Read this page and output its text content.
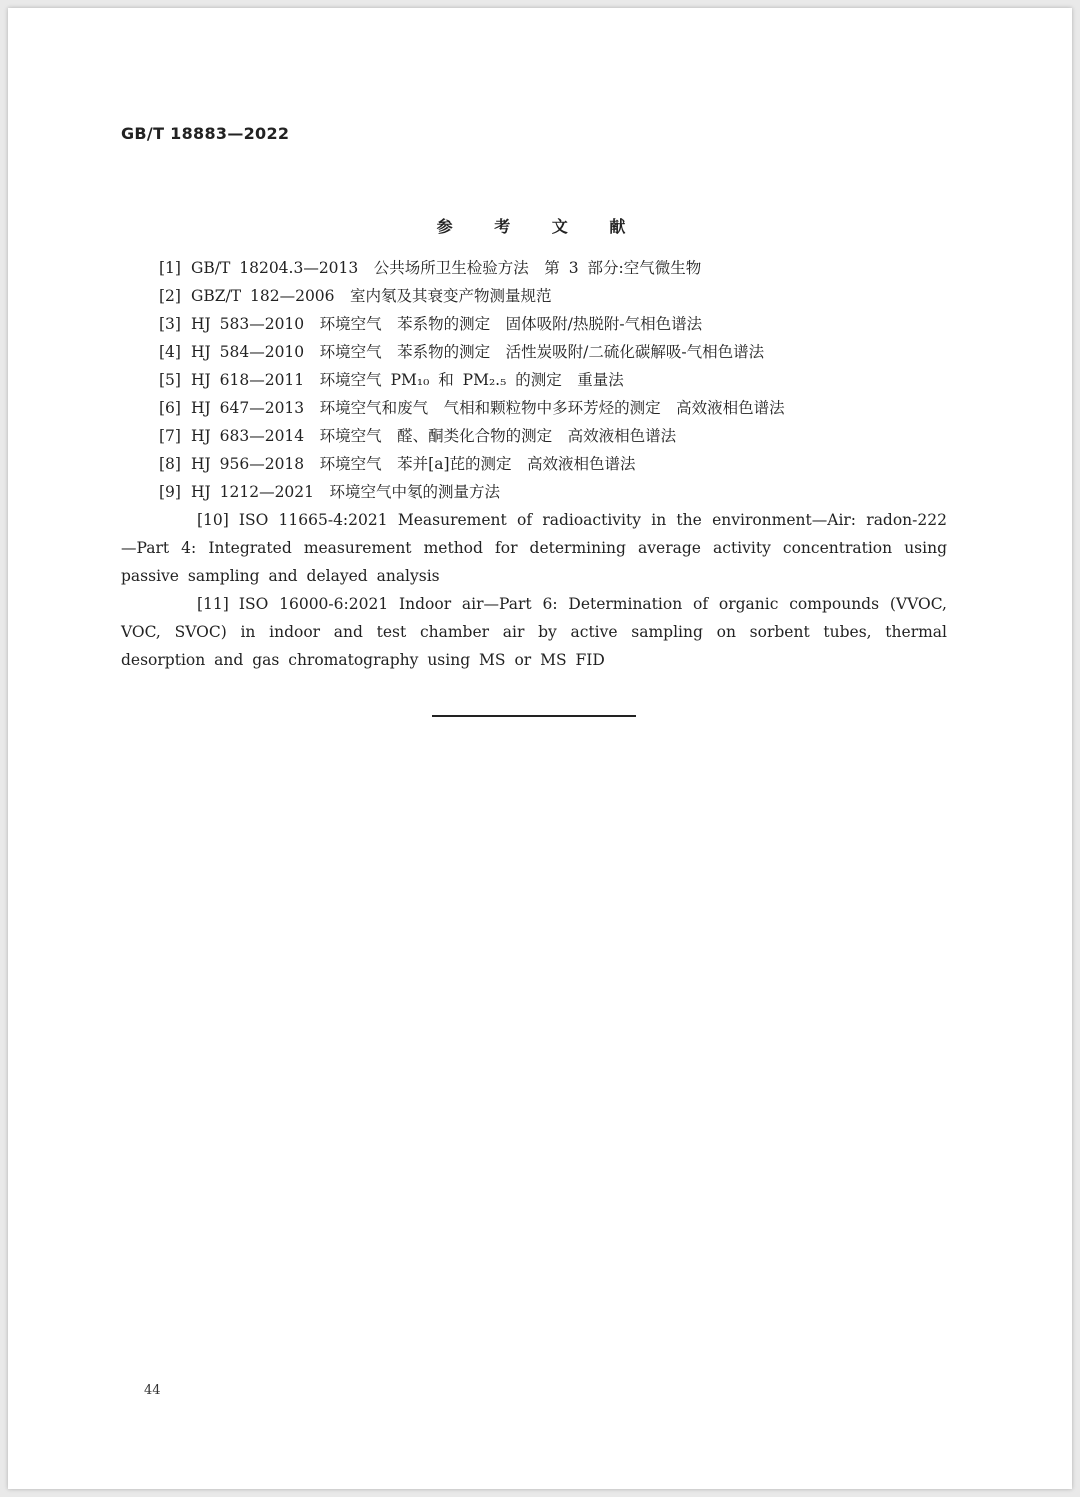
GB/T 18883—2022
参 考 文 献

[1] GB/T 18204.3—2013　公共场所卫生检验方法　第 3 部分:空气微生物

[2] GBZ/T 182—2006　室内氡及其衰变产物测量规范

[3] HJ 583—2010　环境空气　苯系物的测定　固体吸附/热脱附-气相色谱法

[4] HJ 584—2010　环境空气　苯系物的测定　活性炭吸附/二硫化碳解吸-气相色谱法

[5] HJ 618—2011　环境空气 PM₁₀ 和 PM₂.₅ 的测定　重量法

[6] HJ 647—2013　环境空气和废气　气相和颗粒物中多环芳烃的测定　高效液相色谱法

[7] HJ 683—2014　环境空气　醛、酮类化合物的测定　高效液相色谱法

[8] HJ 956—2018　环境空气　苯并[a]芘的测定　高效液相色谱法

[9] HJ 1212—2021　环境空气中氡的测量方法

[10] ISO 11665-4:2021 Measurement of radioactivity in the environment—Air: radon-222—Part 4: Integrated measurement method for determining average activity concentration using passive sampling and delayed analysis

[11] ISO 16000-6:2021 Indoor air—Part 6: Determination of organic compounds (VVOC, VOC, SVOC) in indoor and test chamber air by active sampling on sorbent tubes, thermal desorption and gas chromatography using MS or MS FID

44
